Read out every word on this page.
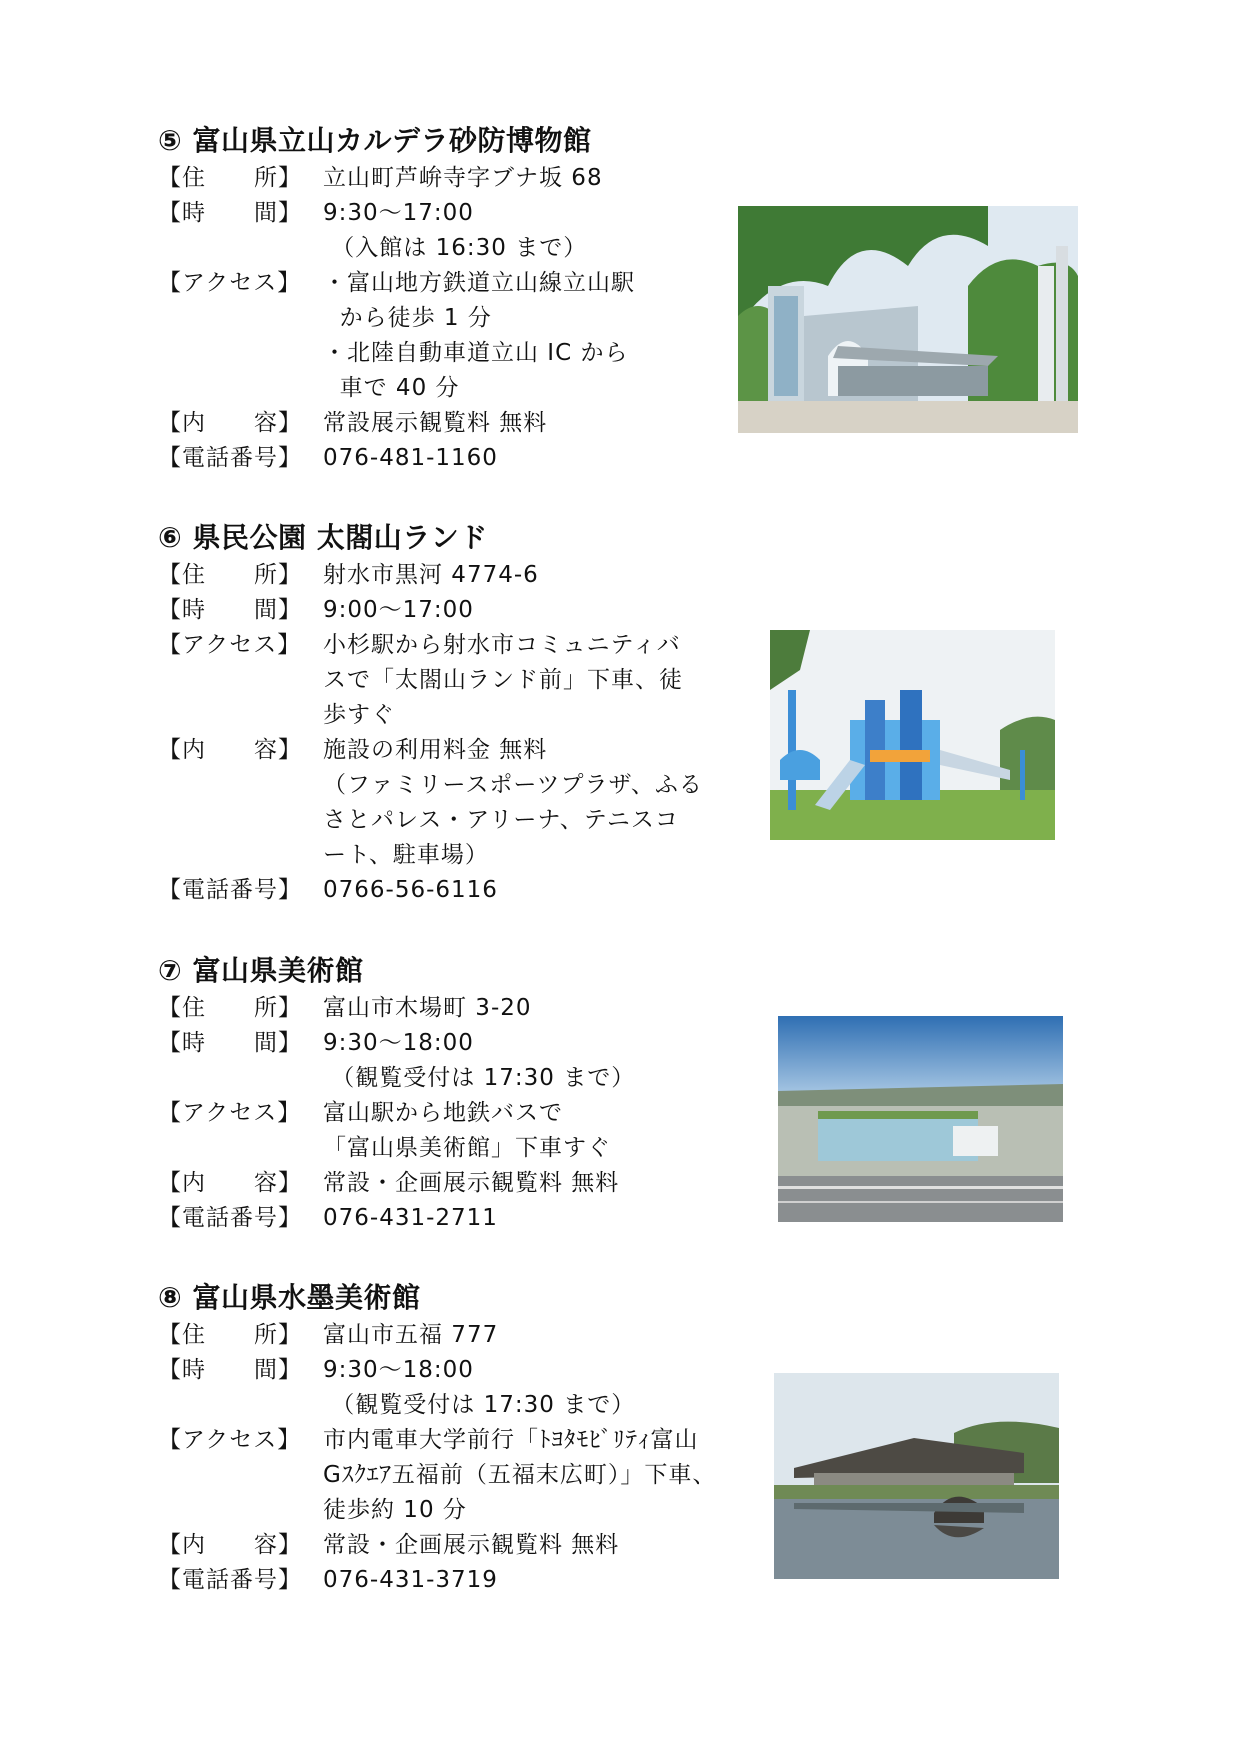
⑤ 富山県立山カルデラ砂防博物館
【住　　所】 立山町芦峅寺字ブナ坂 68
【時　　間】 9:30～17:00
（入館は 16:30 まで）
【アクセス】 ・富山地方鉄道立山線立山駅
から徒歩 1 分
・北陸自動車道立山 IC から
車で 40 分
【内　　容】 常設展示観覧料 無料
【電話番号】 076-481-1160
⑥ 県民公園 太閤山ランド
【住　　所】 射水市黒河 4774-6
【時　　間】 9:00～17:00
【アクセス】 小杉駅から射水市コミュニティバ
スで「太閤山ランド前」下車、徒
歩すぐ
【内　　容】 施設の利用料金 無料
（ファミリースポーツプラザ、ふる
さとパレス・アリーナ、テニスコ
ート、駐車場）
【電話番号】 0766-56-6116
⑦ 富山県美術館
【住　　所】 富山市木場町 3-20
【時　　間】 9:30～18:00
（観覧受付は 17:30 まで）
【アクセス】 富山駅から地鉄バスで
「富山県美術館」下車すぐ
【内　　容】 常設・企画展示観覧料 無料
【電話番号】 076-431-2711
⑧ 富山県水墨美術館
【住　　所】 富山市五福 777
【時　　間】 9:30～18:00
（観覧受付は 17:30 まで）
【アクセス】 市内電車大学前行「ﾄﾖﾀﾓﾋﾞﾘﾃｨ富山
Gｽｸｴｱ五福前（五福末広町）」下車、
徒歩約 10 分
【内　　容】 常設・企画展示観覧料 無料
【電話番号】 076-431-3719
